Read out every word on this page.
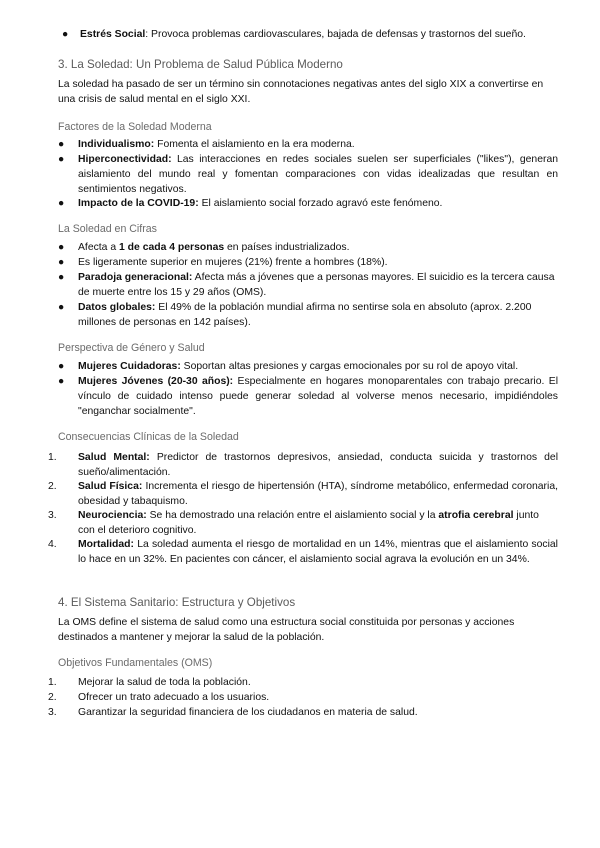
●	Estrés Social: Provoca problemas cardiovasculares, bajada de defensas y trastornos del sueño.
3. La Soledad: Un Problema de Salud Pública Moderno

La soledad ha pasado de ser un término sin connotaciones negativas antes del siglo XIX a convertirse en una crisis de salud mental en el siglo XXI.

Factores de la Soledad Moderna
●	Individualismo: Fomenta el aislamiento en la era moderna.
●	Hiperconectividad: Las interacciones en redes sociales suelen ser superficiales ("likes"), generan aislamiento del mundo real y fomentan comparaciones con vidas idealizadas que resultan en sentimientos negativos.
●	Impacto de la COVID-19: El aislamiento social forzado agravó este fenómeno.
La Soledad en Cifras
●	Afecta a 1 de cada 4 personas en países industrializados.
●	Es ligeramente superior en mujeres (21%) frente a hombres (18%).
●	Paradoja generacional: Afecta más a jóvenes que a personas mayores. El suicidio es la tercera causa de muerte entre los 15 y 29 años (OMS).
●	Datos globales: El 49% de la población mundial afirma no sentirse sola en absoluto (aprox. 2.200 millones de personas en 142 países).
Perspectiva de Género y Salud
●	Mujeres Cuidadoras: Soportan altas presiones y cargas emocionales por su rol de apoyo vital.
●	Mujeres Jóvenes (20-30 años): Especialmente en hogares monoparentales con trabajo precario. El vínculo de cuidado intenso puede generar soledad al volverse menos necesario, impidiéndoles "enganchar socialmente".
Consecuencias Clínicas de la Soledad
1.	Salud Mental: Predictor de trastornos depresivos, ansiedad, conducta suicida y trastornos del sueño/alimentación.
2.	Salud Física: Incrementa el riesgo de hipertensión (HTA), síndrome metabólico, enfermedad coronaria, obesidad y tabaquismo.
3.	Neurociencia: Se ha demostrado una relación entre el aislamiento social y la atrofia cerebral junto con el deterioro cognitivo.
4.	Mortalidad: La soledad aumenta el riesgo de mortalidad en un 14%, mientras que el aislamiento social lo hace en un 32%. En pacientes con cáncer, el aislamiento social agrava la evolución en un 34%.
4. El Sistema Sanitario: Estructura y Objetivos

La OMS define el sistema de salud como una estructura social constituida por personas y acciones destinados a mantener y mejorar la salud de la población.

Objetivos Fundamentales (OMS)
1.	Mejorar la salud de toda la población.
2.	Ofrecer un trato adecuado a los usuarios.
3.	Garantizar la seguridad financiera de los ciudadanos en materia de salud.
